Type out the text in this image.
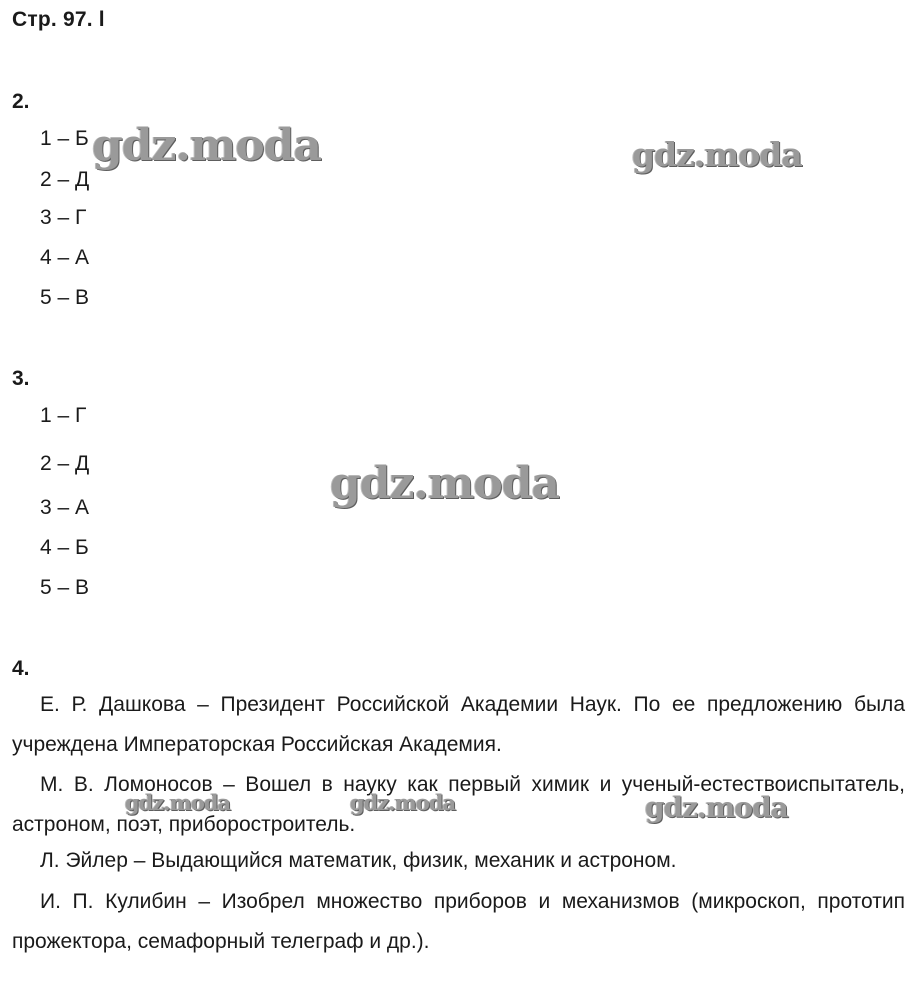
Стр. 97. l
2.
1 – Б
2 – Д
3 – Г
4 – А
5 – В
3.
1 – Г
2 – Д
3 – А
4 – Б
5 – В
4.

Е. Р. Дашкова – Президент Российской Академии Наук. По ее предложению была учреждена Императорская Российская Академия.

М. В. Ломоносов – Вошел в науку как первый химик и ученый-естествоиспытатель, астроном, поэт, приборостроитель.

Л. Эйлер – Выдающийся математик, физик, механик и астроном.

И. П. Кулибин – Изобрел множество приборов и механизмов (микроскоп, прототип прожектора, семафорный телеграф и др.).

gdz.moda	gdz.moda
gdz.moda
gdz.moda	gdz.moda	gdz.moda
